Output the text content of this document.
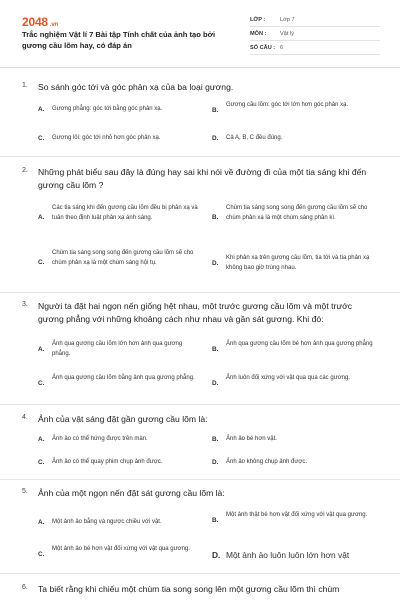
2048 .vn
Trắc nghiệm Vật lí 7 Bài tập Tính chất của ảnh tạo bởi gương cầu lõm hay, có đáp án
LỚP :	Lớp 7
MÔN :	Vật lý
SỐ CÂU : 6
1. So sánh góc tới và góc phản xạ của ba loại gương.
A. Gương phẳng: góc tới bằng góc phản xạ.	B.
Gương cầu lõm: góc tới lớn hơn góc phản xạ.
C. Gương lồi: góc tới nhỏ hơn góc phản xạ.	D. Cả A, B, C đều đúng.
2. Những phát biểu sau đây là đúng hay sai khi nói về đường đi của một tia sáng khi đến gương cầu lõm ?
A.
Các tia sáng khi đến gương cầu lõm đều bị phản xạ và tuân theo định luật phản xạ ánh sáng.	B.
Chùm tia sáng song song đến gương cầu lõm sẽ cho chùm phản xạ là một chùm sáng phân kì.
C.
Chùm tia sáng song song đến gương cầu lõm sẽ cho chùm phản xạ là một chùm sáng hội tụ.	D.
Khi phản xạ trên gương cầu lõm, tia tới và tia phản xạ không bao giờ trùng nhau.
3. Người ta đặt hai ngọn nến giống hệt nhau, một trước gương cầu lõm và một trước gương phẳng với những khoảng cách như nhau và gần sát gương. Khi đó:
A.
Ảnh qua gương cầu lõm lớn hơn ảnh qua gương phẳng.
B.
Ảnh qua gương cầu lõm bé hơn ảnh qua gương phẳng
C.
Ảnh qua gương cầu lõm bằng ảnh qua gương phẳng.
D.
Ảnh luôn đối xứng với vật qua qua các gương.
4. Ảnh của vật sáng đặt gần gương cầu lõm là:
A. Ảnh ảo có thể hứng được trên màn.	B. Ảnh ảo bé hơn vật.
C. Ảnh ảo có thể quay phim chụp ảnh được.	D. Ảnh ảo không chụp ảnh được.
5. Ảnh của một ngọn nến đặt sát gương cầu lõm là:
A. Một ảnh ảo bằng và ngược chiều với vật.	B.
Một ảnh thật bé hơn vật đối xứng với vật qua gương.
C.
Một ảnh ảo bé hơn vật đối xứng với vật qua gương.
D. Một ảnh ảo luôn luôn lớn hơn vật
6. Ta biết rằng khi chiếu một chùm tia song song lên một gương cầu lõm thì chùm
